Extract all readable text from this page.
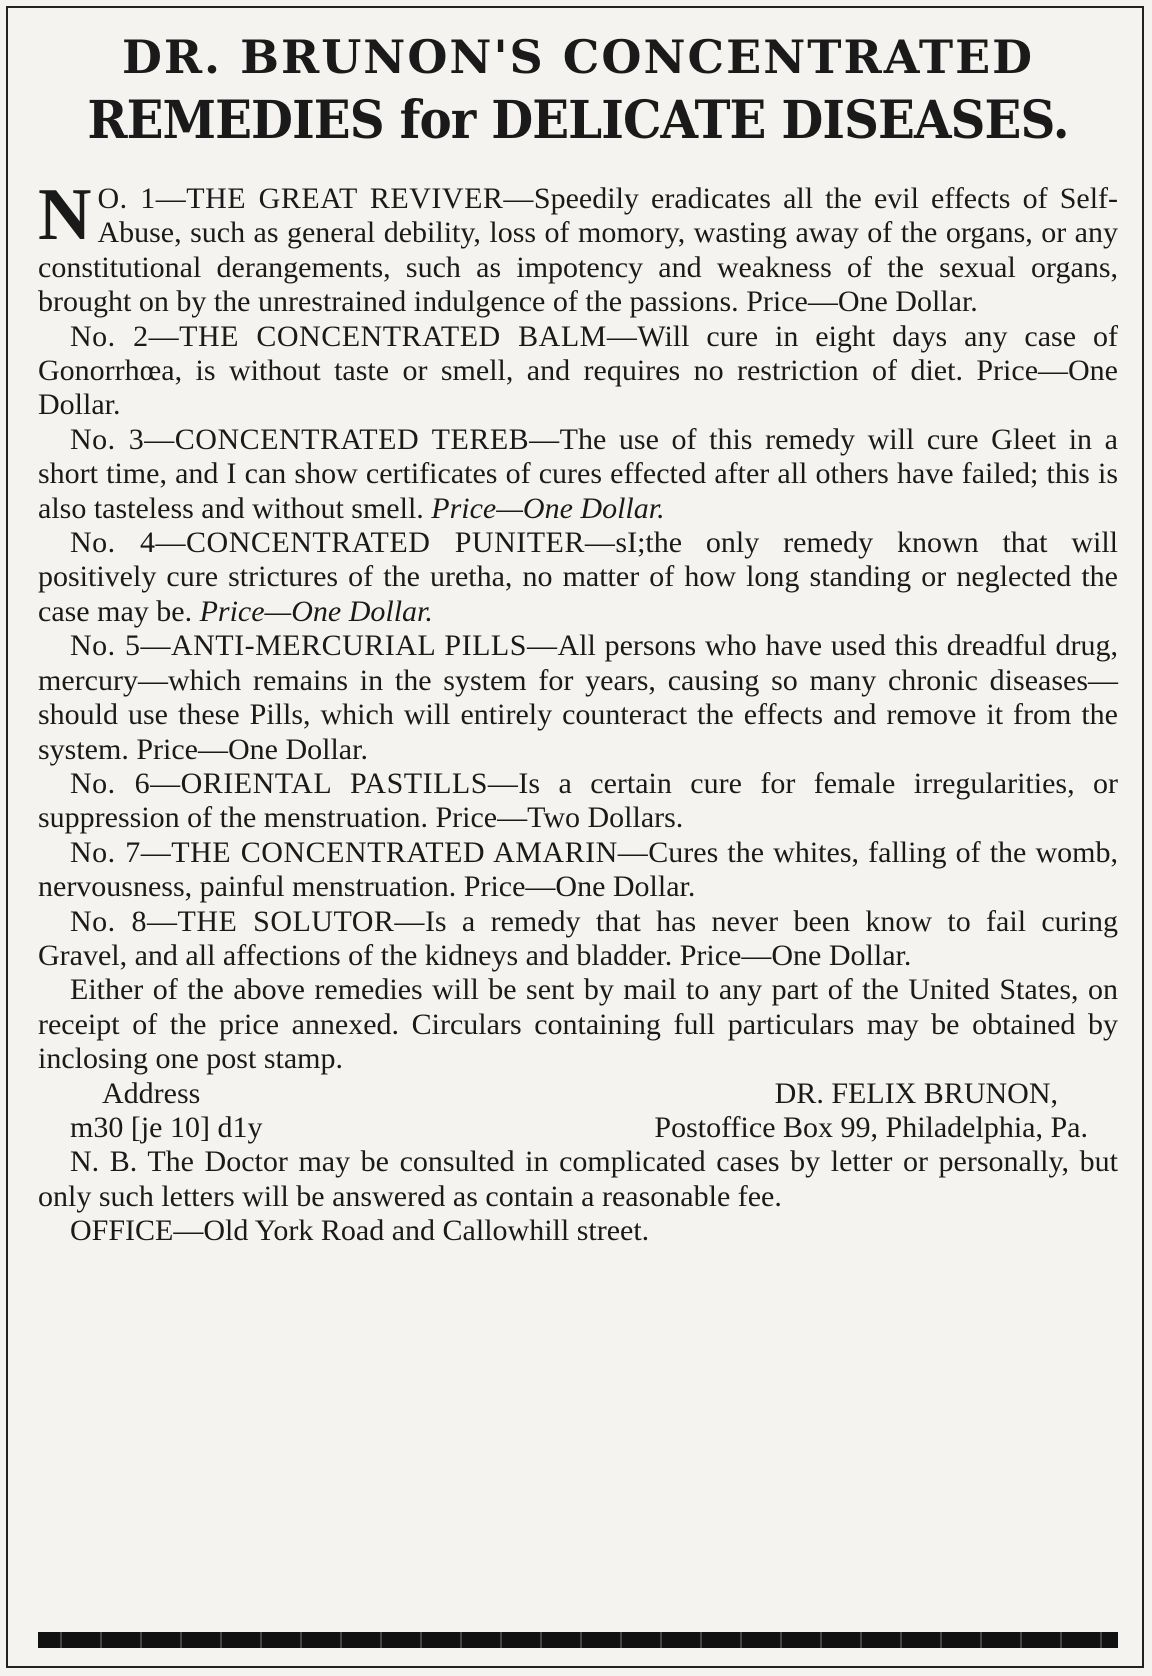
DR. BRUNON'S CONCENTRATED
REMEDIES for DELICATE DISEASES.

N O. 1—THE GREAT REVIVER—Speedily eradicates all the evil effects of Self-Abuse, such as general debility, loss of momory, wasting away of the organs, or any constitutional derangements, such as impotency and weakness of the sexual organs, brought on by the unrestrained indulgence of the passions. Price—One Dollar.

No. 2—THE CONCENTRATED BALM—Will cure in eight days any case of Gonorrhœa, is without taste or smell, and requires no restriction of diet. Price—One Dollar.

No. 3—CONCENTRATED TEREB—The use of this remedy will cure Gleet in a short time, and I can show certificates of cures effected after all others have failed; this is also tasteless and without smell. Price—One Dollar.

No. 4—CONCENTRATED PUNITER—sI;the only remedy known that will positively cure strictures of the uretha, no matter of how long standing or neglected the case may be. Price—One Dollar.

No. 5—ANTI-MERCURIAL PILLS—All persons who have used this dreadful drug, mercury—which remains in the system for years, causing so many chronic diseases—should use these Pills, which will entirely counteract the effects and remove it from the system. Price—One Dollar.

No. 6—ORIENTAL PASTILLS—Is a certain cure for female irregularities, or suppression of the menstruation. Price—Two Dollars.

No. 7—THE CONCENTRATED AMARIN—Cures the whites, falling of the womb, nervousness, painful menstruation. Price—One Dollar.

No. 8—THE SOLUTOR—Is a remedy that has never been know to fail curing Gravel, and all affections of the kidneys and bladder. Price—One Dollar.

Either of the above remedies will be sent by mail to any part of the United States, on receipt of the price annexed. Circulars containing full particulars may be obtained by inclosing one post stamp.

Address	DR. FELIX BRUNON,
m30 [je 10] d1y	Postoffice Box 99, Philadelphia, Pa.

N. B. The Doctor may be consulted in complicated cases by letter or personally, but only such letters will be answered as contain a reasonable fee.

OFFICE—Old York Road and Callowhill street.
